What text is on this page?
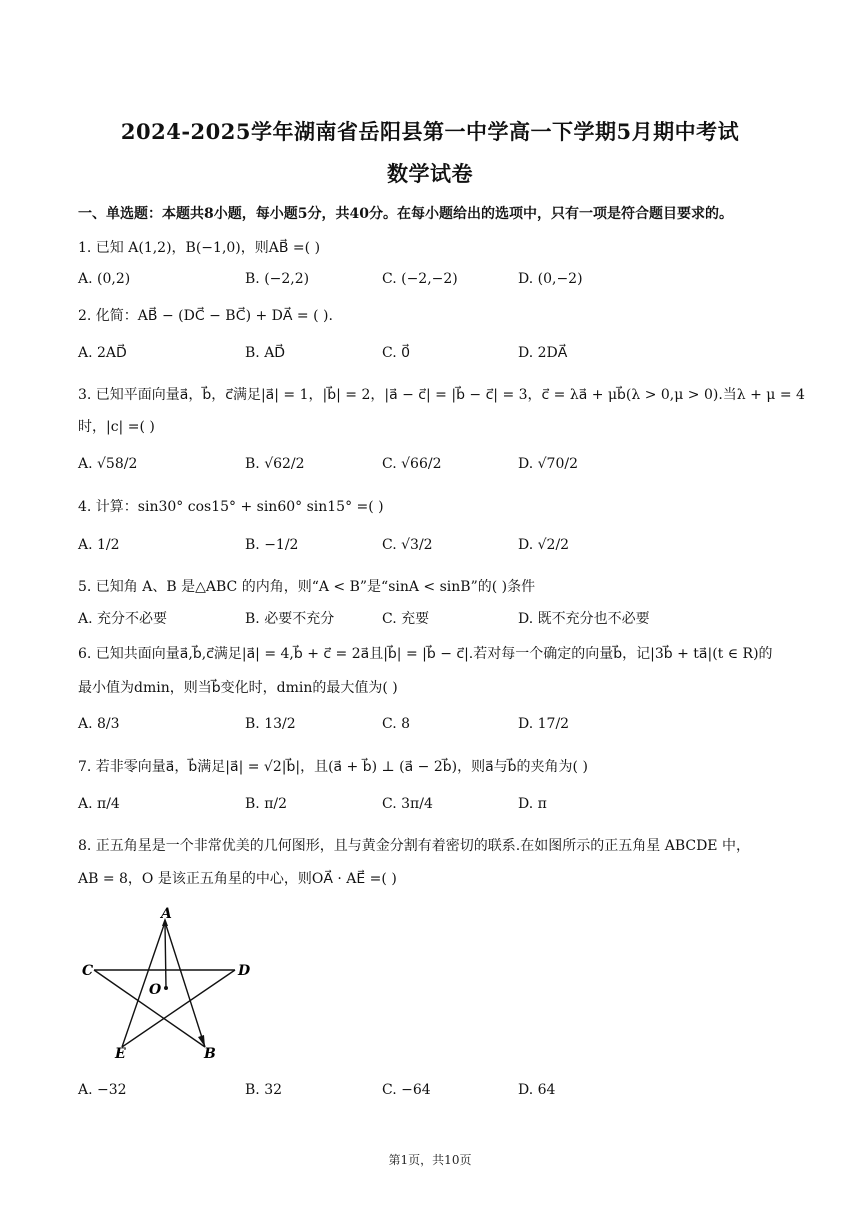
2024-2025学年湖南省岳阳县第一中学高一下学期5月期中考试
数学试卷
一、单选题：本题共8小题，每小题5分，共40分。在每小题给出的选项中，只有一项是符合题目要求的。
1. 已知 A(1,2)，B(−1,0)，则AB⃗ =( )
A. (0,2)	B. (−2,2)	C. (−2,−2)	D. (0,−2)
2. 化简：AB⃗ − (DC⃗ − BC⃗) + DA⃗ = ( ).
A. 2AD⃗	B. AD⃗	C. 0⃗	D. 2DA⃗
3. 已知平面向量a⃗，b⃗，c⃗满足|a⃗| = 1，|b⃗| = 2，|a⃗ − c⃗| = |b⃗ − c⃗| = 3，c⃗ = λa⃗ + μb⃗(λ > 0,μ > 0).当λ + μ = 4
时，|c| =( )
A. √58/2	B. √62/2	C. √66/2	D. √70/2
4. 计算：sin30° cos15° + sin60° sin15° =( )
A. 1/2	B. −1/2	C. √3/2	D. √2/2
5. 已知角 A、B 是△ABC 的内角，则“A < B”是“sinA < sinB”的( )条件
A. 充分不必要	B. 必要不充分	C. 充要	D. 既不充分也不必要
6. 已知共面向量a⃗,b⃗,c⃗满足|a⃗| = 4,b⃗ + c⃗ = 2a⃗且|b⃗| = |b⃗ − c⃗|.若对每一个确定的向量b⃗，记|3b⃗ + ta⃗|(t ∈ R)的
最小值为dmin，则当b⃗变化时，dmin的最大值为( )
A. 8/3	B. 13/2	C. 8	D. 17/2
7. 若非零向量a⃗，b⃗满足|a⃗| = √2|b⃗|，且(a⃗ + b⃗) ⊥ (a⃗ − 2b⃗)，则a⃗与b⃗的夹角为( )
A. π/4	B. π/2	C. 3π/4	D. π
8. 正五角星是一个非常优美的几何图形，且与黄金分割有着密切的联系.在如图所示的正五角星 ABCDE 中，
AB = 8，O 是该正五角星的中心，则OA⃗ · AE⃗ =( )
A
B
C	D
E
O
A. −32	B. 32	C. −64	D. 64
第1页，共10页
